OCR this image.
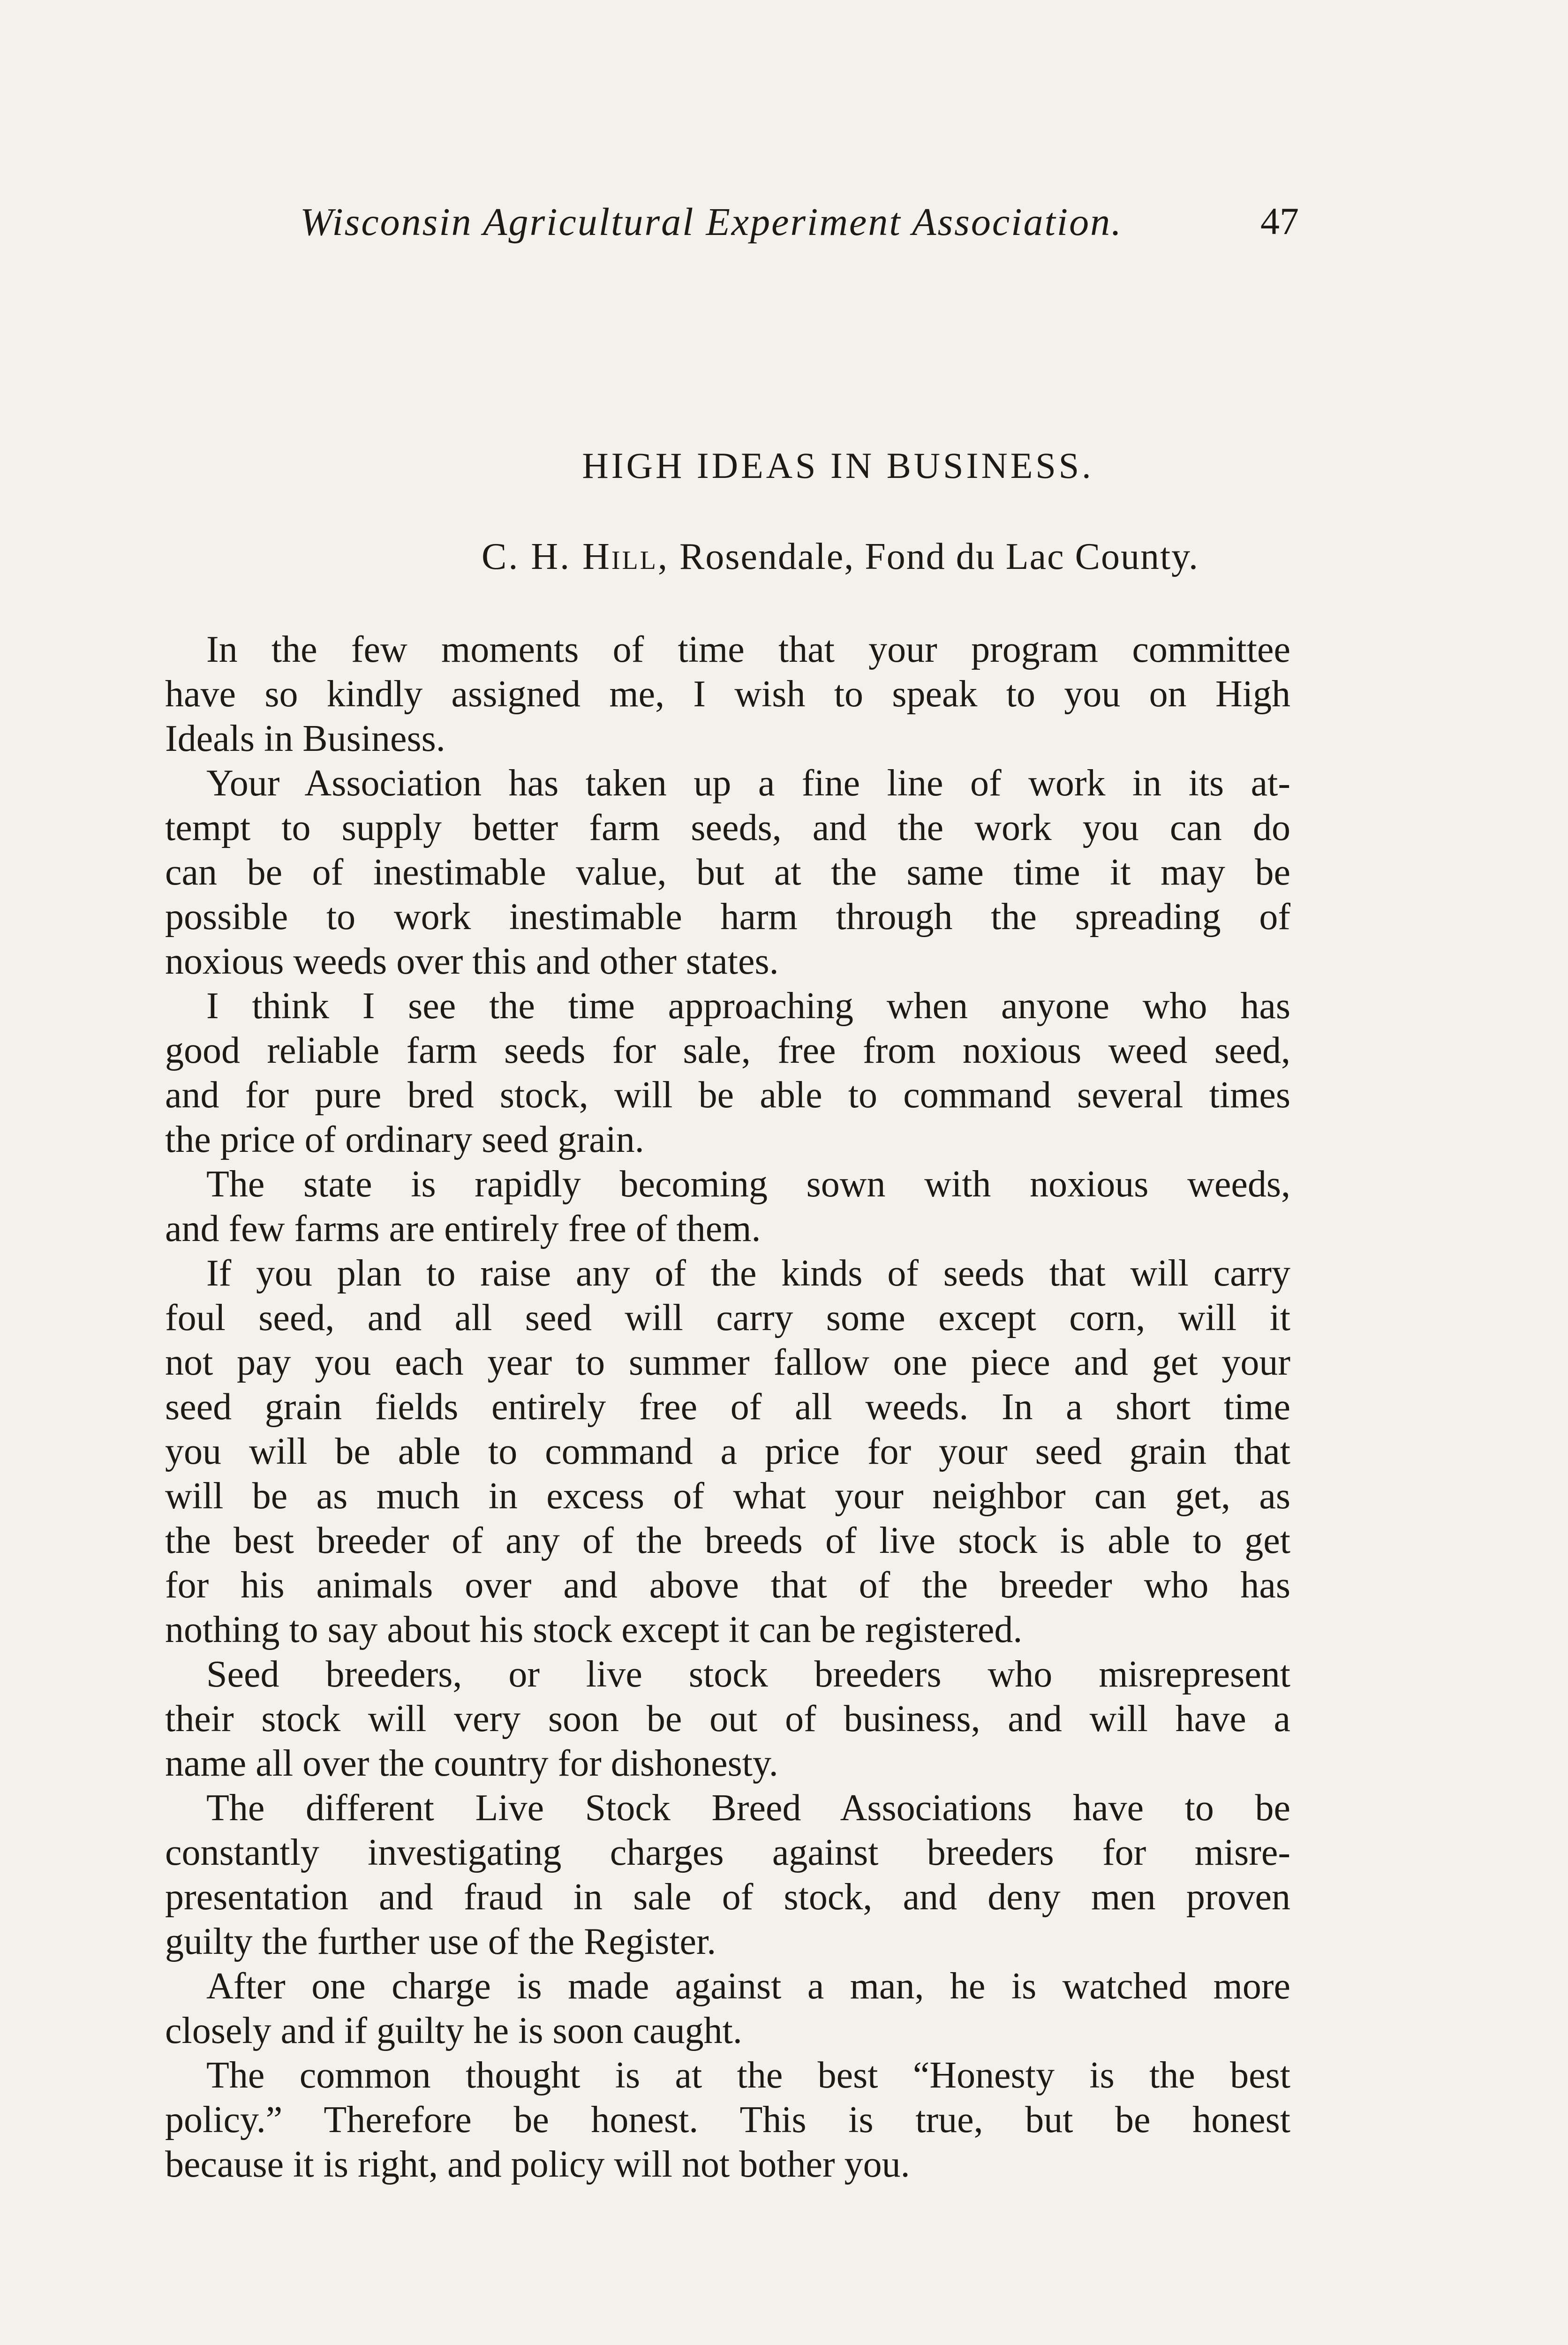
Wisconsin Agricultural Experiment Association.	47
HIGH IDEAS IN BUSINESS.
C. H. Hill, Rosendale, Fond du Lac County.
In the few moments of time that your program committee
have so kindly assigned me, I wish to speak to you on High
Ideals in Business.
Your Association has taken up a fine line of work in its at-
tempt to supply better farm seeds, and the work you can do
can be of inestimable value, but at the same time it may be
possible to work inestimable harm through the spreading of
noxious weeds over this and other states.
I think I see the time approaching when anyone who has
good reliable farm seeds for sale, free from noxious weed seed,
and for pure bred stock, will be able to command several times
the price of ordinary seed grain.
The state is rapidly becoming sown with noxious weeds,
and few farms are entirely free of them.
If you plan to raise any of the kinds of seeds that will carry
foul seed, and all seed will carry some except corn, will it
not pay you each year to summer fallow one piece and get your
seed grain fields entirely free of all weeds. In a short time
you will be able to command a price for your seed grain that
will be as much in excess of what your neighbor can get, as
the best breeder of any of the breeds of live stock is able to get
for his animals over and above that of the breeder who has
nothing to say about his stock except it can be registered.
Seed breeders, or live stock breeders who misrepresent
their stock will very soon be out of business, and will have a
name all over the country for dishonesty.
The different Live Stock Breed Associations have to be
constantly investigating charges against breeders for misre-
presentation and fraud in sale of stock, and deny men proven
guilty the further use of the Register.
After one charge is made against a man, he is watched more
closely and if guilty he is soon caught.
The common thought is at the best “Honesty is the best
policy.” Therefore be honest. This is true, but be honest
because it is right, and policy will not bother you.
